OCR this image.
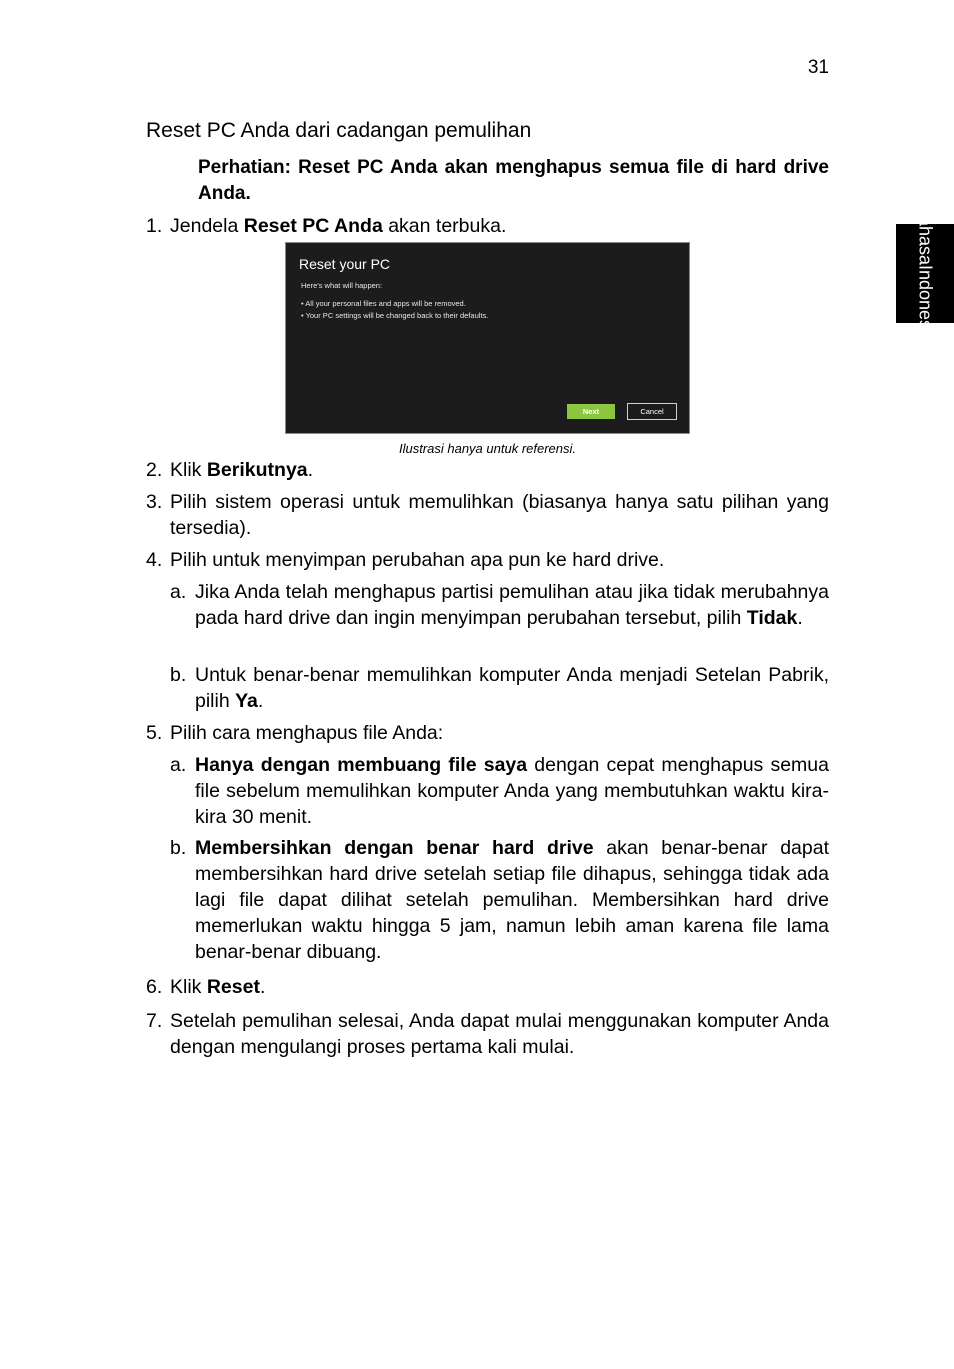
31
Bahasa
Indonesia
Reset PC Anda dari cadangan pemulihan
Perhatian: Reset PC Anda akan menghapus semua file di hard drive Anda.
1. Jendela Reset PC Anda akan terbuka.
Reset your PC
Here's what will happen:
• All your personal files and apps will be removed.
• Your PC settings will be changed back to their defaults.
Next	Cancel
Ilustrasi hanya untuk referensi.
2. Klik Berikutnya.
3. Pilih sistem operasi untuk memulihkan (biasanya hanya satu pilihan yang tersedia).
4. Pilih untuk menyimpan perubahan apa pun ke hard drive.
a. Jika Anda telah menghapus partisi pemulihan atau jika tidak merubahnya pada hard drive dan ingin menyimpan perubahan tersebut, pilih Tidak.
b. Untuk benar-benar memulihkan komputer Anda menjadi Setelan Pabrik, pilih Ya.
5. Pilih cara menghapus file Anda:
a. Hanya dengan membuang file saya dengan cepat menghapus semua file sebelum memulihkan komputer Anda yang membutuhkan waktu kira-kira 30 menit.
b. Membersihkan dengan benar hard drive akan benar-benar dapat membersihkan hard drive setelah setiap file dihapus, sehingga tidak ada lagi file dapat dilihat setelah pemulihan. Membersihkan hard drive memerlukan waktu hingga 5 jam, namun lebih aman karena file lama benar-benar dibuang.
6. Klik Reset.
7. Setelah pemulihan selesai, Anda dapat mulai menggunakan komputer Anda dengan mengulangi proses pertama kali mulai.
